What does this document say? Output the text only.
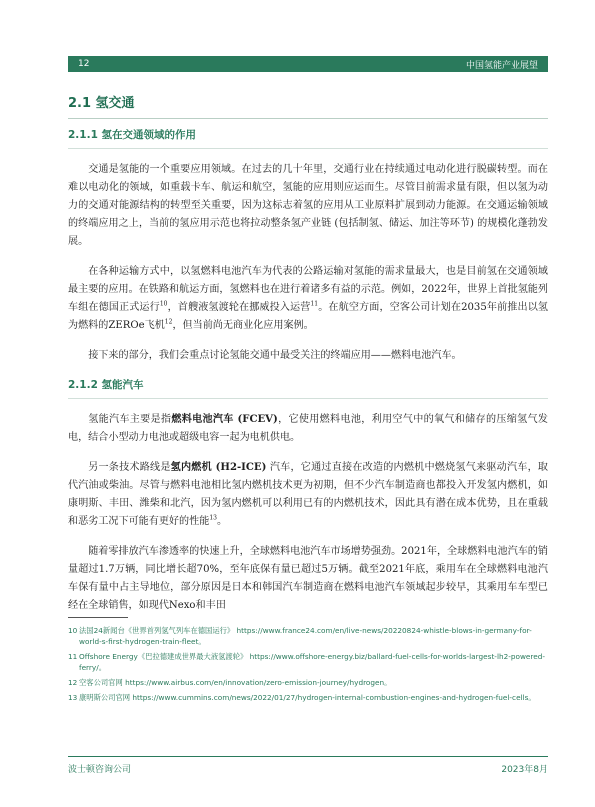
12	中国氢能产业展望
2.1 氢交通
2.1.1 氢在交通领域的作用

交通是氢能的一个重要应用领域。在过去的几十年里，交通行业在持续通过电动化进行脱碳转型。而在难以电动化的领域，如重载卡车、航运和航空，氢能的应用则应运而生。尽管目前需求量有限，但以氢为动力的交通对能源结构的转型至关重要，因为这标志着氢的应用从工业原料扩展到动力能源。在交通运输领域的终端应用之上，当前的氢应用示范也将拉动整条氢产业链 (包括制氢、储运、加注等环节) 的规模化蓬勃发展。

在各种运输方式中，以氢燃料电池汽车为代表的公路运输对氢能的需求量最大，也是目前氢在交通领域最主要的应用。在铁路和航运方面，氢燃料也在进行着诸多有益的示范。例如，2022年，世界上首批氢能列车组在德国正式运行$^{10}$，首艘液氢渡轮在挪威投入运营$^{11}$。在航空方面，空客公司计划在2035年前推出以氢为燃料的ZEROe飞机$^{12}$，但当前尚无商业化应用案例。

接下来的部分，我们会重点讨论氢能交通中最受关注的终端应用——燃料电池汽车。

2.1.2 氢能汽车

氢能汽车主要是指燃料电池汽车 (FCEV)，它使用燃料电池，利用空气中的氧气和储存的压缩氢气发电，结合小型动力电池或超级电容一起为电机供电。

另一条技术路线是氢内燃机 (H2-ICE) 汽车，它通过直接在改造的内燃机中燃烧氢气来驱动汽车，取代汽油或柴油。尽管与燃料电池相比氢内燃机技术更为初期，但不少汽车制造商也都投入开发氢内燃机，如康明斯、丰田、潍柴和北汽，因为氢内燃机可以利用已有的内燃机技术，因此具有潜在成本优势，且在重载和恶劣工况下可能有更好的性能$^{13}$。

随着零排放汽车渗透率的快速上升，全球燃料电池汽车市场增势强劲。2021年，全球燃料电池汽车的销量超过1.7万辆，同比增长超70%，至年底保有量已超过5万辆。截至2021年底，乘用车在全球燃料电池汽车保有量中占主导地位，部分原因是日本和韩国汽车制造商在燃料电池汽车领域起步较早，其乘用车车型已经在全球销售，如现代Nexo和丰田

10 法国24新闻台《世界首列氢气列车在德国运行》 https://www.france24.com/en/live-news/20220824-whistle-blows-in-germany-for-world-s-first-hydrogen-train-fleet。
11 Offshore Energy《巴拉德建成世界最大液氢渡轮》 https://www.offshore-energy.biz/ballard-fuel-cells-for-worlds-largest-lh2-powered-ferry/。
12 空客公司官网 https://www.airbus.com/en/innovation/zero-emission-journey/hydrogen。
13 康明斯公司官网 https://www.cummins.com/news/2022/01/27/hydrogen-internal-combustion-engines-and-hydrogen-fuel-cells。
波士顿咨询公司	2023年8月
